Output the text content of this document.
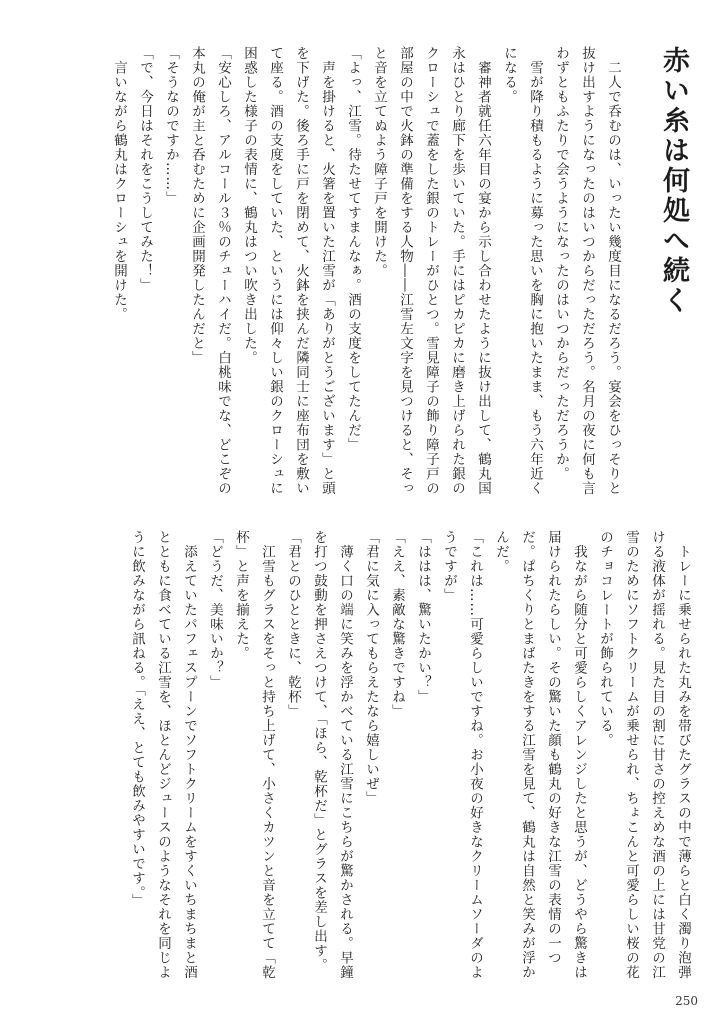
赤い糸は何処へ続く

　二人で呑むのは、いったい幾度目になるだろう。宴会をひっそりと抜け出すようになったのはいつからだっただろう。名月の夜に何も言わずともふたりで会うようになったのはいつからだっただろうか。

　雪が降り積もるように募った思いを胸に抱いたまま、もう六年近くになる。

　審神者就任六年目の宴から示し合わせたように抜け出して、鶴丸国永はひとり廊下を歩いていた。手にはピカピカに磨き上げられた銀のクローシュで蓋をした銀のトレーがひとつ。雪見障子の飾り障子戸の部屋の中で火鉢の準備をする人物――江雪左文字を見つけると、そっと音を立てぬよう障子戸を開けた。

「よっ、江雪。待たせてすまんなぁ。酒の支度をしてたんだ」

　声を掛けると、火箸を置いた江雪が「ありがとうございます」と頭を下げた。後ろ手に戸を閉めて、火鉢を挟んだ隣同士に座布団を敷いて座る。酒の支度をしていた、というには仰々しい銀のクローシュに困惑した様子の表情に、鶴丸はつい吹き出した。

「安心しろ、アルコール３％のチューハイだ。白桃味でな、どこぞの本丸の俺が主と呑むために企画開発したんだと」

「そうなのですか……」

「で、今日はそれをこうしてみた！」

　言いながら鶴丸はクローシュを開けた。

　トレーに乗せられた丸みを帯びたグラスの中で薄らと白く濁り泡弾ける液体が揺れる。見た目の割に甘さの控えめな酒の上には甘党の江雪のためにソフトクリームが乗せられ、ちょこんと可愛らしい桜の花のチョコレートが飾られている。

　我ながら随分と可愛らしくアレンジしたと思うが、どうやら驚きは届けられたらしい。その驚いた顔も鶴丸の好きな江雪の表情の一つだ。ぱちくりとまばたきをする江雪を見て、鶴丸は自然と笑みが浮かんだ。

「これは……可愛らしいですね。お小夜の好きなクリームソーダのようですが」

「ははは、驚いたかい？」

「ええ、素敵な驚きですね」

「君に気に入ってもらえたなら嬉しいぜ」

　薄く口の端に笑みを浮かべている江雪にこちらが驚かされる。早鐘を打つ鼓動を押さえつけて、「ほら、乾杯だ」とグラスを差し出す。

「君とのひとときに、乾杯」

　江雪もグラスをそっと持ち上げて、小さくカツンと音を立てて「乾杯」と声を揃えた。

「どうだ、美味いか？」

　添えていたパフェスプーンでソフトクリームをすくいちまちまと酒とともに食べている江雪を、ほとんどジュースのようなそれを同じように飲みながら訊ねる。「ええ、とても飲みやすいです。」

250
